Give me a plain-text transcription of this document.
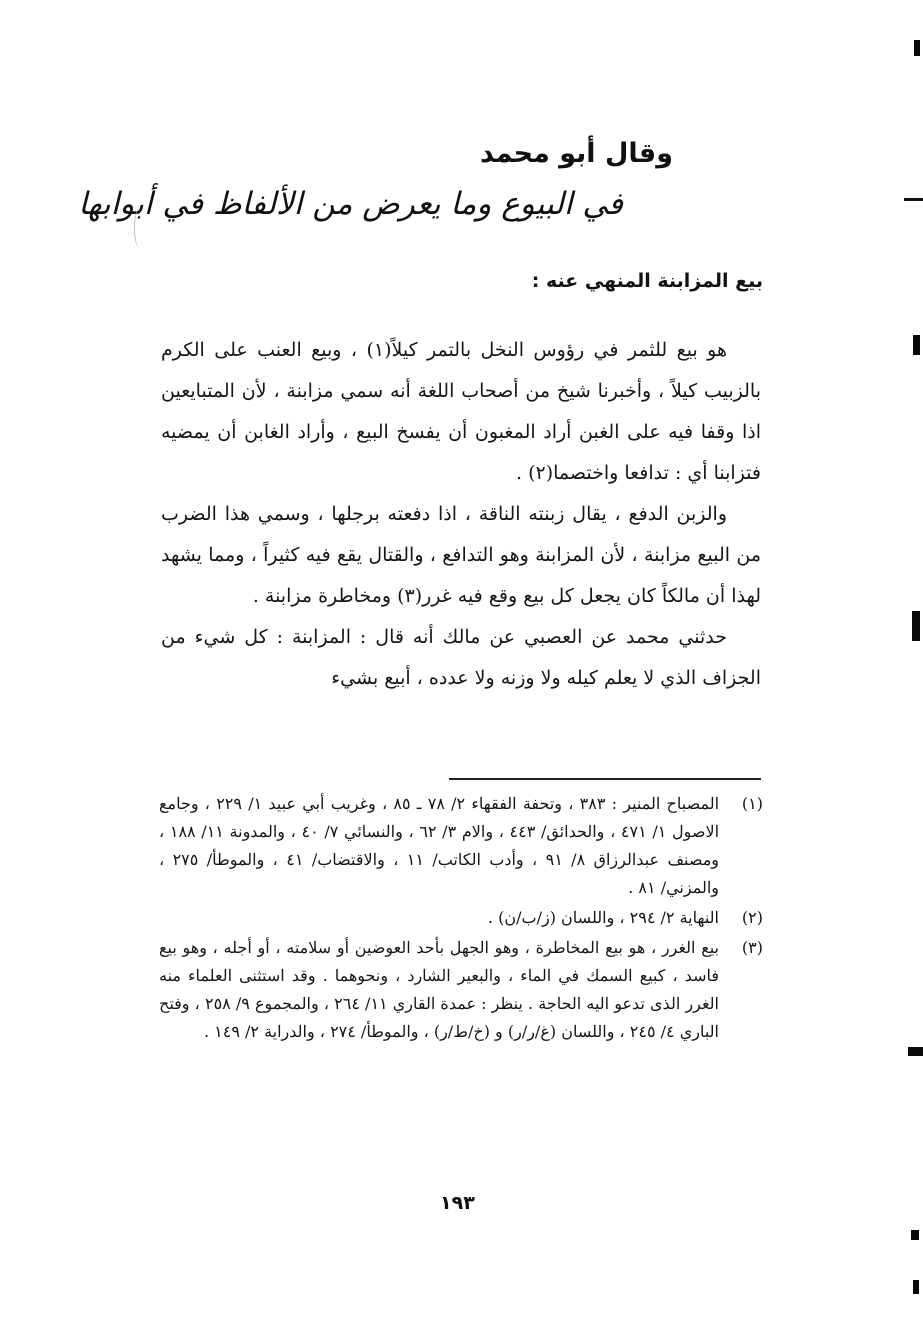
وقال أبو محمد
في البيوع وما يعرض من الألفاظ في أبوابها
بيع المزابنة المنهي عنه :

هو بيع للثمر في رؤوس النخل بالتمر كيلاً(١) ، وبيع العنب على الكرم بالزبيب كيلاً ، وأخبرنا شيخ من أصحاب اللغة أنه سمي مزابنة ، لأن المتبايعين اذا وقفا فيه على الغبن أراد المغبون أن يفسخ البيع ، وأراد الغابن أن يمضيه فتزابنا أي : تدافعا واختصما(٢) .

والزبن الدفع ، يقال زبنته الناقة ، اذا دفعته برجلها ، وسمي هذا الضرب من البيع مزابنة ، لأن المزابنة وهو التدافع ، والقتال يقع فيه كثيراً ، ومما يشهد لهذا أن مالكاً كان يجعل كل بيع وقع فيه غرر(٣) ومخاطرة مزابنة .

حدثني محمد عن العصبي عن مالك أنه قال : المزابنة : كل شيء من الجزاف الذي لا يعلم كيله ولا وزنه ولا عدده ، أبيع بشيء

(١)
المصباح المنير : ٣٨٣ ، وتحفة الفقهاء ٢/ ٧٨ ـ ٨٥ ، وغريب أبي عبيد ١/ ٢٢٩ ، وجامع الاصول ١/ ٤٧١ ، والحدائق/ ٤٤٣ ، والام ٣/ ٦٢ ، والنسائي ٧/ ٤٠ ، والمدونة ١١/ ١٨٨ ، ومصنف عبدالرزاق ٨/ ٩١ ، وأدب الكاتب/ ١١ ، والاقتضاب/ ٤١ ، والموطأ/ ٢٧٥ ، والمزني/ ٨١ .
(٢)
النهاية ٢/ ٢٩٤ ، واللسان (ز/ب/ن) .
(٣)
بيع الغرر ، هو بيع المخاطرة ، وهو الجهل بأحد العوضين أو سلامته ، أو أجله ، وهو بيع فاسد ، كبيع السمك في الماء ، والبعير الشارد ، ونحوهما . وقد استثنى العلماء منه الغرر الذى تدعو اليه الحاجة . ينظر : عمدة القاري ١١/ ٢٦٤ ، والمجموع ٩/ ٢٥٨ ، وفتح الباري ٤/ ٢٤٥ ، واللسان (غ/ر/ر) و (خ/ط/ر) ، والموطأ/ ٢٧٤ ، والدراية ٢/ ١٤٩ .
١٩٣
